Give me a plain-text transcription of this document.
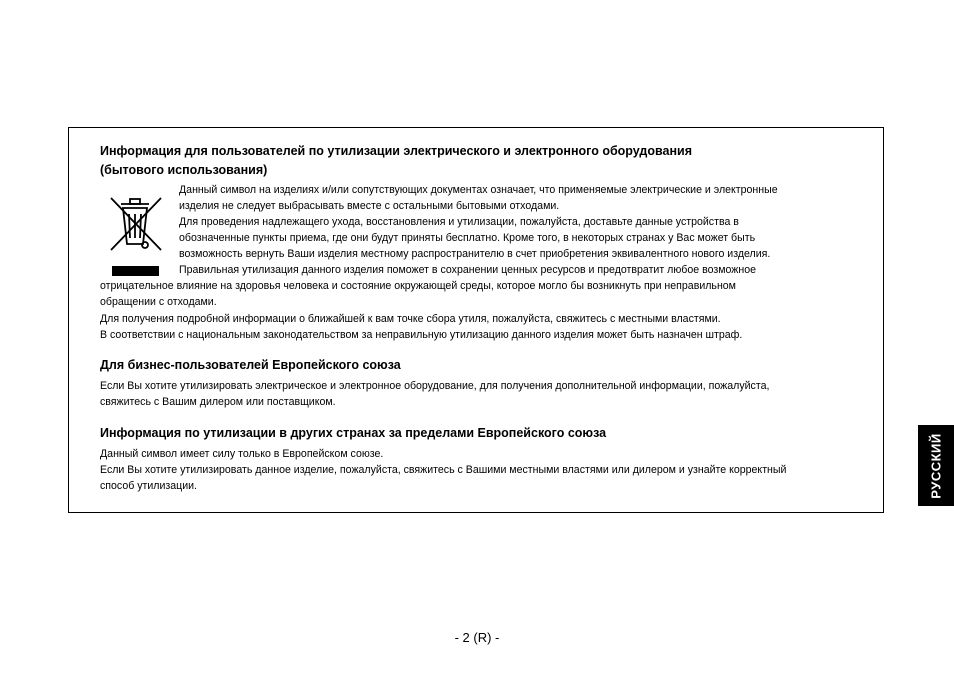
Информация для пользователей по утилизации электрического и электронного оборудования
(бытового использования)
Данный символ на изделиях и/или сопутствующих документах означает, что применяемые электрические и электронные
изделия не следует выбрасывать вместе с остальными бытовыми отходами.
Для проведения надлежащего ухода, восстановления и утилизации, пожалуйста, доставьте данные устройства в
обозначенные пункты приема, где они будут приняты бесплатно. Кроме того, в некоторых странах у Вас может быть
возможность вернуть Ваши изделия местному распространителю в счет приобретения эквивалентного нового изделия.
Правильная утилизация данного изделия поможет в сохранении ценных ресурсов и предотвратит любое возможное
отрицательное влияние на здоровья человека и состояние окружающей среды, которое могло бы возникнуть при неправильном
обращении с отходами.
Для получения подробной информации о ближайшей к вам точке сбора утиля, пожалуйста, свяжитесь с местными властями.
В соответствии с национальным законодательством за неправильную утилизацию данного изделия может быть назначен штраф.
Для бизнес-пользователей Европейского союза
Если Вы хотите утилизировать электрическое и электронное оборудование, для получения дополнительной информации, пожалуйста,
свяжитесь с Вашим дилером или поставщиком.
Информация по утилизации в других странах за пределами Европейского союза
Данный символ имеет силу только в Европейском союзе.
Если Вы хотите утилизировать данное изделие, пожалуйста, свяжитесь с Вашими местными властями или дилером и узнайте корректный
способ утилизации.	РУССКИЙ
- 2 (R) -
